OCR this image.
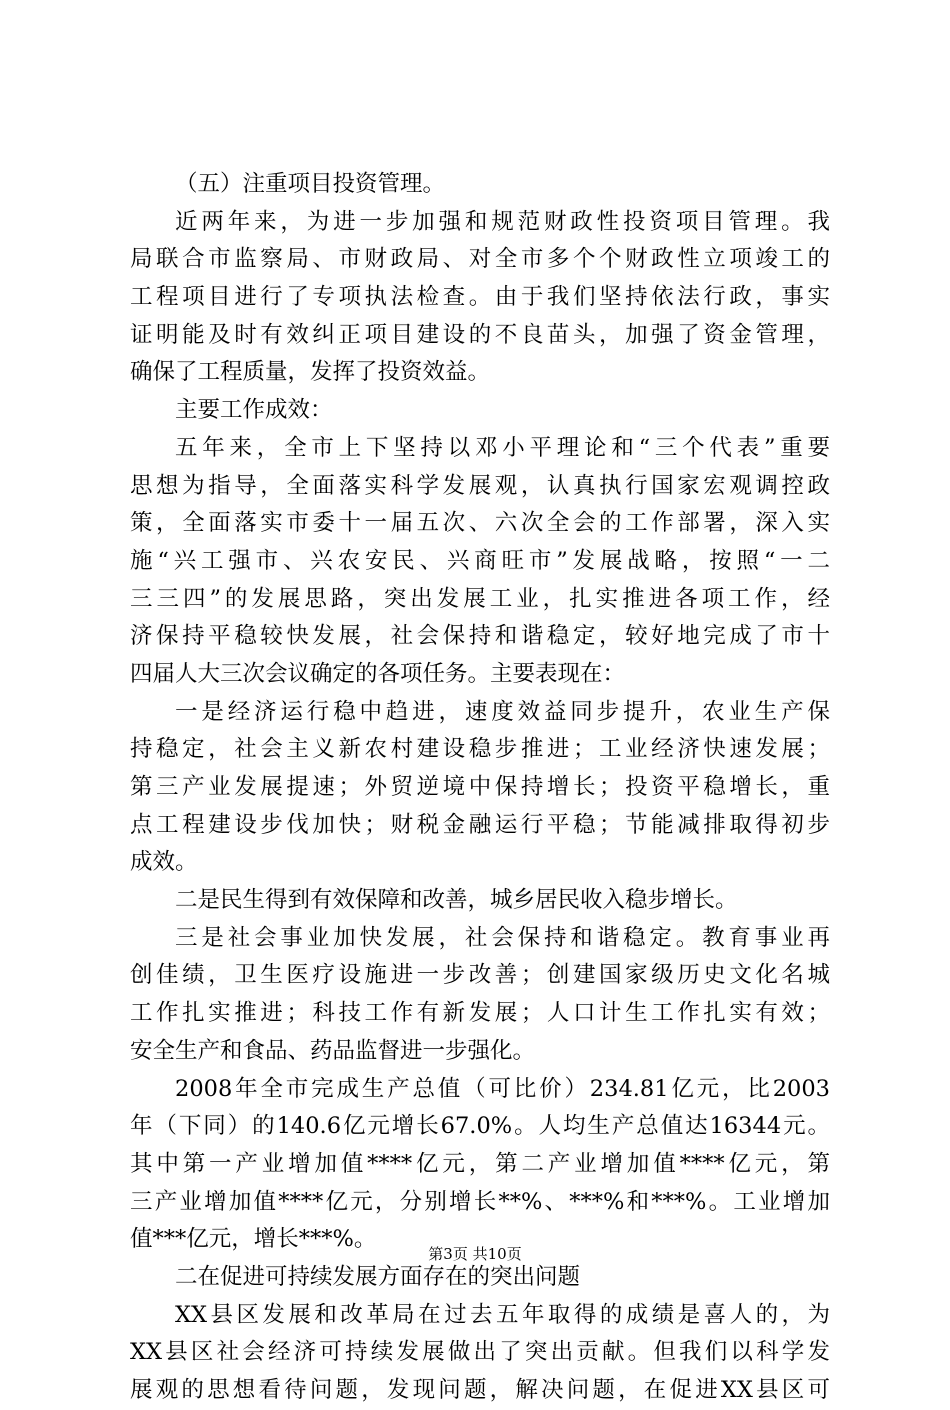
（五）注重项目投资管理。
近两年来，为进一步加强和规范财政性投资项目管理。我
局联合市监察局、市财政局、对全市多个个财政性立项竣工的
工程项目进行了专项执法检查。由于我们坚持依法行政，事实
证明能及时有效纠正项目建设的不良苗头，加强了资金管理，
确保了工程质量，发挥了投资效益。
主要工作成效：
五年来，全市上下坚持以邓小平理论和“三个代表”重要
思想为指导，全面落实科学发展观，认真执行国家宏观调控政
策，全面落实市委十一届五次、六次全会的工作部署，深入实
施“兴工强市、兴农安民、兴商旺市”发展战略，按照“一二
三三四”的发展思路，突出发展工业，扎实推进各项工作，经
济保持平稳较快发展，社会保持和谐稳定，较好地完成了市十
四届人大三次会议确定的各项任务。主要表现在：
一是经济运行稳中趋进，速度效益同步提升，农业生产保
持稳定，社会主义新农村建设稳步推进；工业经济快速发展；
第三产业发展提速；外贸逆境中保持增长；投资平稳增长，重
点工程建设步伐加快；财税金融运行平稳；节能减排取得初步
成效。
二是民生得到有效保障和改善，城乡居民收入稳步增长。
三是社会事业加快发展，社会保持和谐稳定。教育事业再
创佳绩，卫生医疗设施进一步改善；创建国家级历史文化名城
工作扎实推进；科技工作有新发展；人口计生工作扎实有效；
安全生产和食品、药品监督进一步强化。
2008年全市完成生产总值（可比价）234.81亿元，比2003
年（下同）的140.6亿元增长67.0%。人均生产总值达16344元。
其中第一产业增加值****亿元，第二产业增加值****亿元，第
三产业增加值****亿元，分别增长**%、***%和***%。工业增加
值***亿元，增长***%。
二在促进可持续发展方面存在的突出问题
XX县区发展和改革局在过去五年取得的成绩是喜人的，为
XX县区社会经济可持续发展做出了突出贡献。但我们以科学发
展观的思想看待问题，发现问题，解决问题，在促进XX县区可
第3页 共10页
